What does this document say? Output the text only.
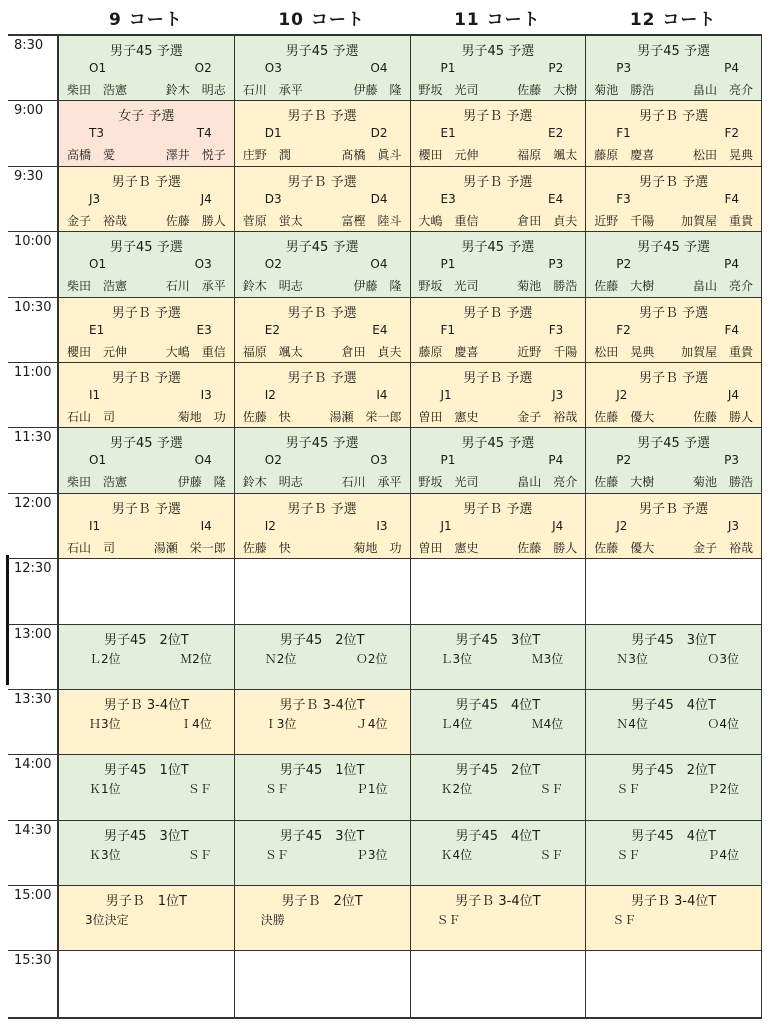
9 コート	10 コート	11 コート	12 コート
8:30	男子45 予選
O1	O2
柴田　浩憲	鈴木　明志
男子45 予選
O3	O4
石川　承平	伊藤　隆
男子45 予選
P1	P2
野坂　光司	佐藤　大樹
男子45 予選
P3	P4
菊池　勝浩	畠山　亮介
9:00	女子 予選
T3	T4
高橋　愛	澤井　悦子
男子Ｂ 予選
D1	D2
庄野　潤	髙橋　眞斗
男子Ｂ 予選
E1	E2
櫻田　元伸	福原　颯太
男子Ｂ 予選
F1	F2
藤原　慶喜	松田　晃典
9:30	男子Ｂ 予選
J3	J4
金子　裕哉	佐藤　勝人
男子Ｂ 予選
D3	D4
菅原　蛍太	富樫　陸斗
男子Ｂ 予選
E3	E4
大嶋　重信	倉田　貞夫
男子Ｂ 予選
F3	F4
近野　千陽 加賀屋　重貴
10:00	男子45 予選
O1	O3
柴田　浩憲	石川　承平
男子45 予選
O2	O4
鈴木　明志	伊藤　隆
男子45 予選
P1	P3
野坂　光司	菊池　勝浩
男子45 予選
P2	P4
佐藤　大樹	畠山　亮介
10:30	男子Ｂ 予選
E1	E3
櫻田　元伸	大嶋　重信
男子Ｂ 予選
E2	E4
福原　颯太	倉田　貞夫
男子Ｂ 予選
F1	F3
藤原　慶喜	近野　千陽
男子Ｂ 予選
F2	F4
松田　晃典 加賀屋　重貴
11:00	男子Ｂ 予選
I1	I3
石山　司	菊地　功
男子Ｂ 予選
I2	I4
佐藤　快	湯瀬　栄一郎
男子Ｂ 予選
J1	J3
曽田　憲史	金子　裕哉
男子Ｂ 予選
J2	J4
佐藤　優大	佐藤　勝人
11:30	男子45 予選
O1	O4
柴田　浩憲	伊藤　隆
男子45 予選
O2	O3
鈴木　明志	石川　承平
男子45 予選
P1	P4
野坂　光司	畠山　亮介
男子45 予選
P2	P3
佐藤　大樹	菊池　勝浩
12:00	男子Ｂ 予選
I1	I4
石山　司	湯瀬　栄一郎
男子Ｂ 予選
I2	I3
佐藤　快	菊地　功
男子Ｂ 予選
J1	J4
曽田　憲史	佐藤　勝人
男子Ｂ 予選
J2	J3
佐藤　優大	金子　裕哉
12:30
13:00	男子45　2位T
Ｌ2位	Ｍ2位
男子45　2位T
Ｎ2位	Ｏ2位
男子45　3位T
Ｌ3位	Ｍ3位
男子45　3位T
Ｎ3位	Ｏ3位
13:30	男子Ｂ 3-4位T
Ｈ3位	Ｉ4位
男子Ｂ 3-4位T
Ｉ3位	Ｊ4位
男子45　4位T
Ｌ4位	Ｍ4位
男子45　4位T
Ｎ4位	Ｏ4位
14:00	男子45　1位T
Ｋ1位	ＳＦ
男子45　1位T
ＳＦ	Ｐ1位
男子45　2位T
Ｋ2位	ＳＦ
男子45　2位T
ＳＦ	Ｐ2位
14:30	男子45　3位T
Ｋ3位	ＳＦ
男子45　3位T
ＳＦ	Ｐ3位
男子45　4位T
Ｋ4位	ＳＦ
男子45　4位T
ＳＦ	Ｐ4位
15:00	男子Ｂ　1位T
3位決定
男子Ｂ　2位T
決勝
男子Ｂ 3-4位T
ＳＦ
男子Ｂ 3-4位T
ＳＦ
15:30
